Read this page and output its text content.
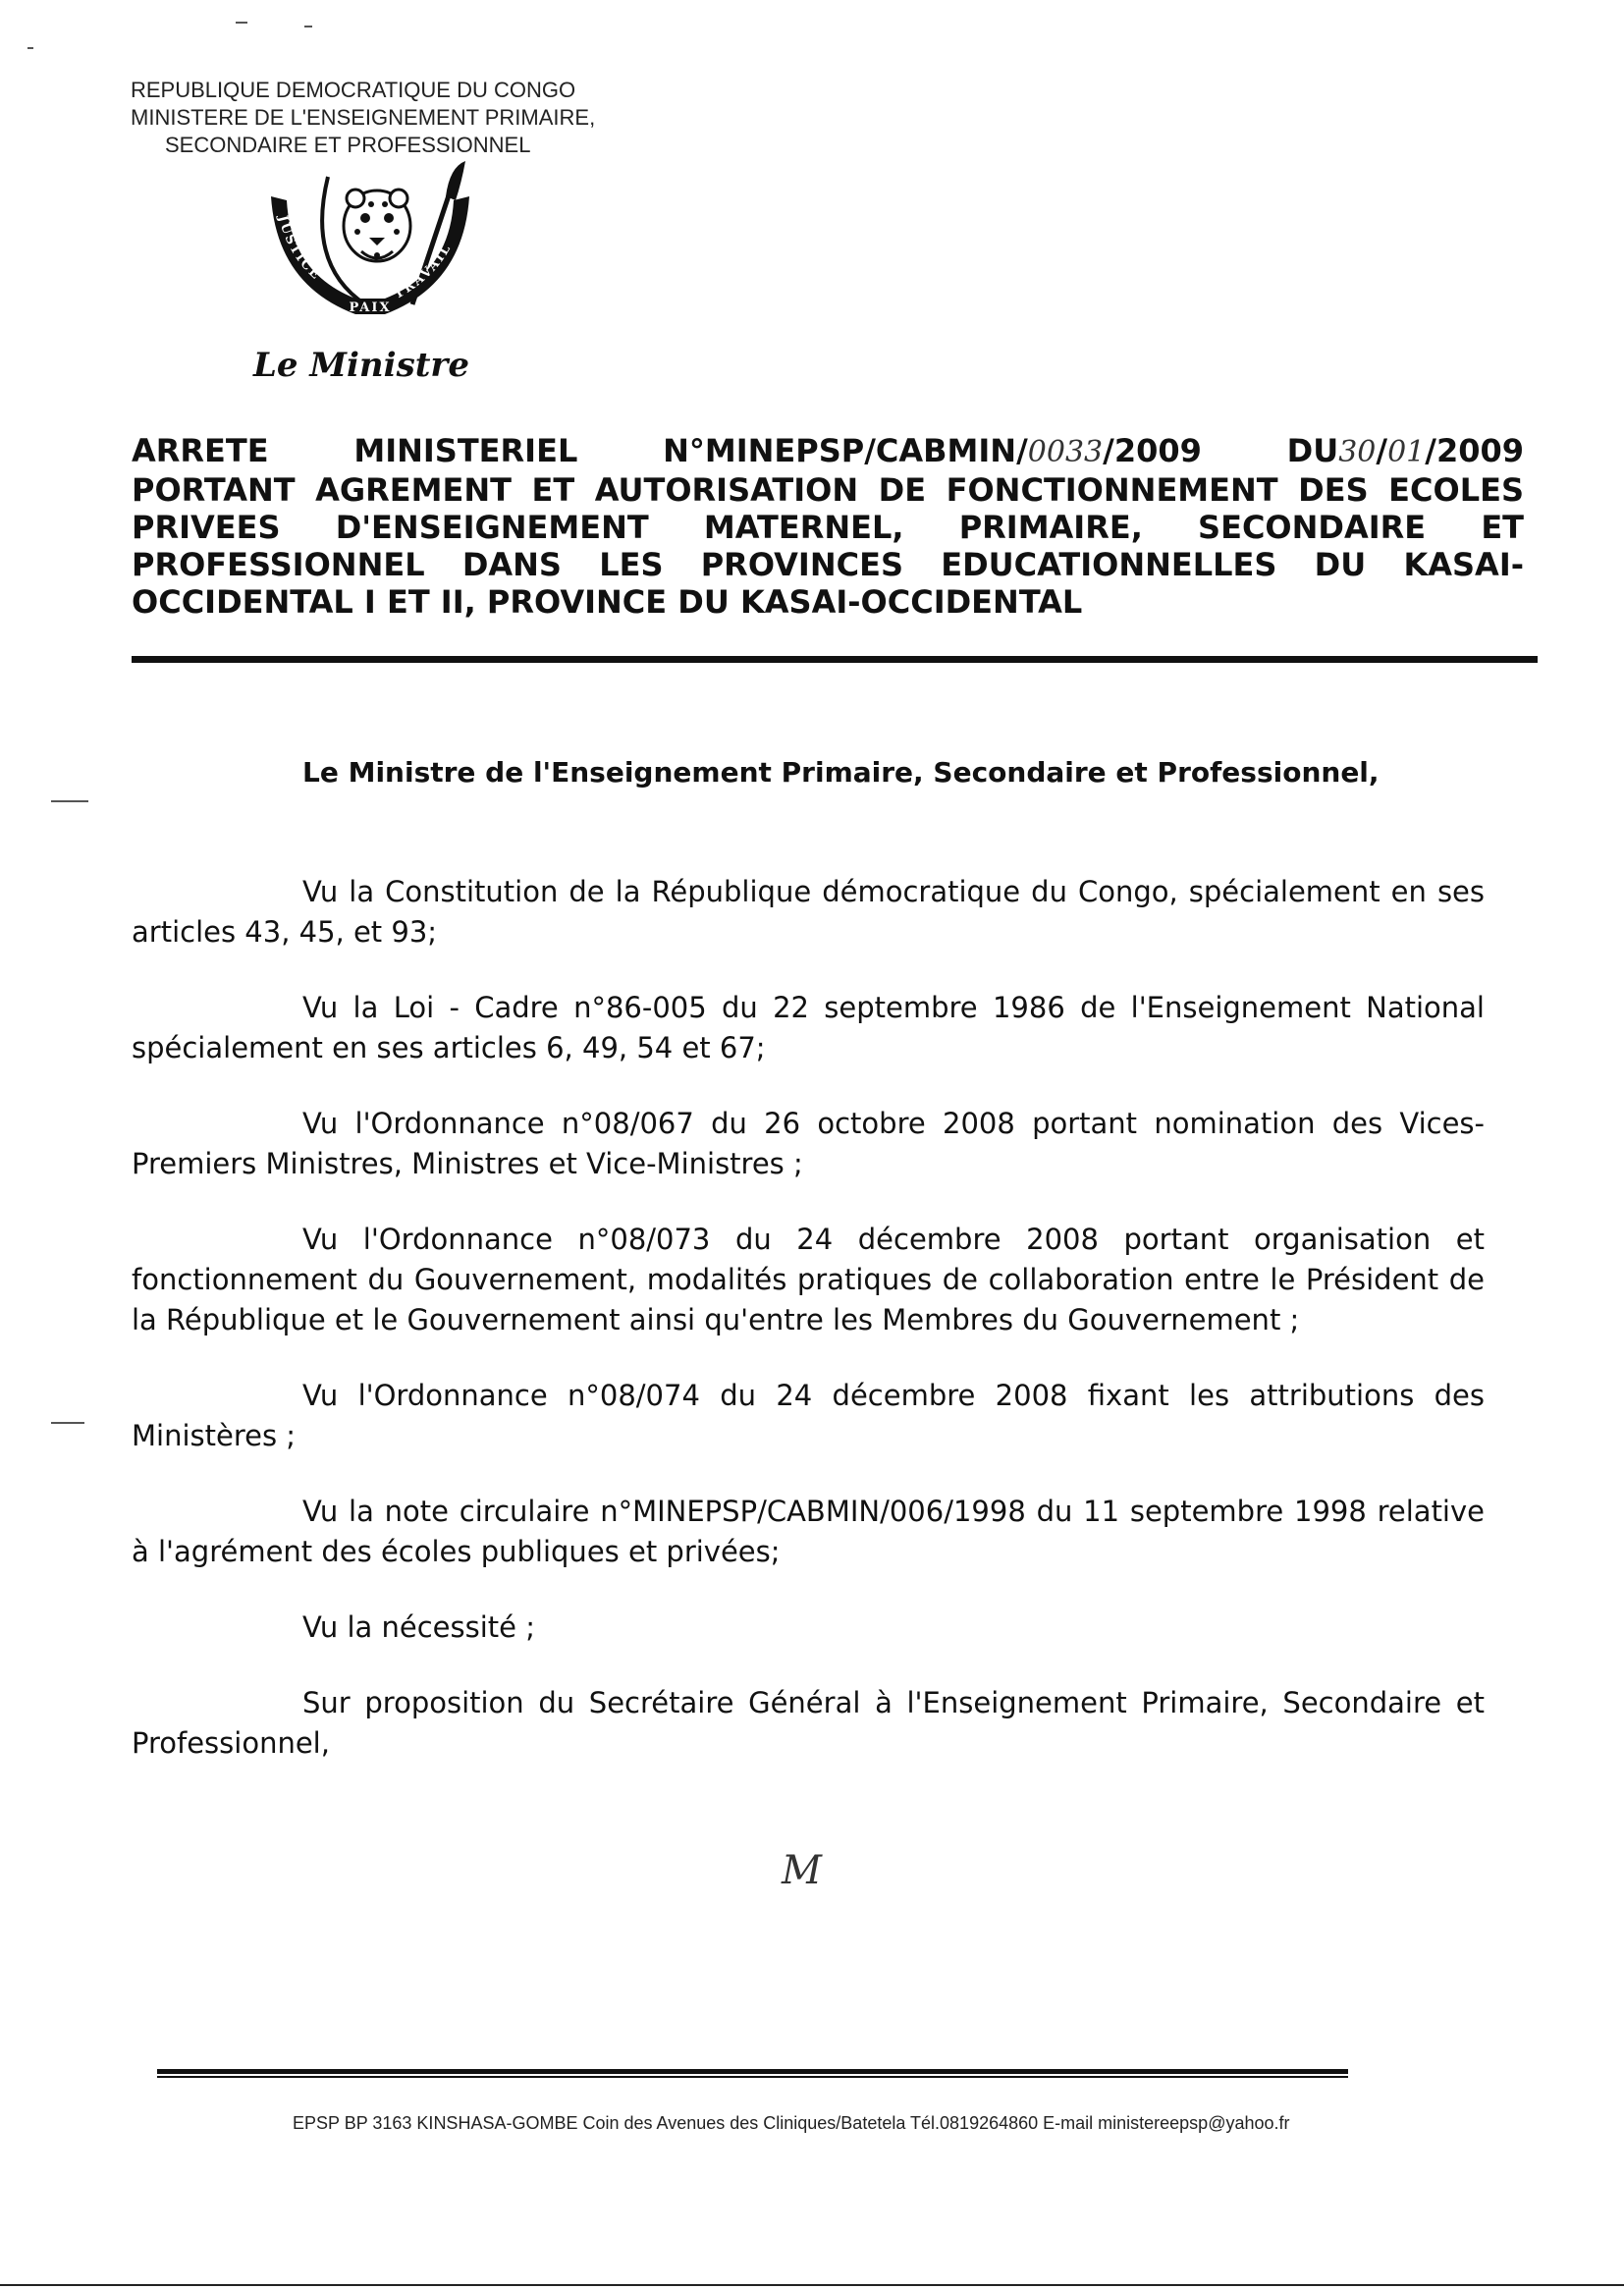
REPUBLIQUE DEMOCRATIQUE DU CONGO
MINISTERE DE L'ENSEIGNEMENT PRIMAIRE,
SECONDAIRE ET PROFESSIONNEL
JUSTICE
TRAVAIL
PAIX
Le Ministre
ARRETE	MINISTERIEL	N°MINEPSP/CABMIN/0033/2009	DU30/01/2009
PORTANT AGREMENT ET AUTORISATION DE FONCTIONNEMENT DES ECOLES PRIVEES D'ENSEIGNEMENT MATERNEL, PRIMAIRE, SECONDAIRE ET PROFESSIONNEL DANS LES PROVINCES EDUCATIONNELLES DU KASAI-OCCIDENTAL I ET II, PROVINCE DU KASAI-OCCIDENTAL
Le Ministre de l'Enseignement Primaire, Secondaire et Professionnel,

Vu la Constitution de la République démocratique du Congo, spécialement en ses articles 43, 45, et 93;

Vu la Loi - Cadre n°86-005 du 22 septembre 1986 de l'Enseignement National spécialement en ses articles 6, 49, 54 et 67;

Vu l'Ordonnance n°08/067 du 26 octobre 2008 portant nomination des Vices-Premiers Ministres, Ministres et Vice-Ministres ;

Vu l'Ordonnance n°08/073 du 24 décembre 2008 portant organisation et fonctionnement du Gouvernement, modalités pratiques de collaboration entre le Président de la République et le Gouvernement ainsi qu'entre les Membres du Gouvernement ;

Vu l'Ordonnance n°08/074 du 24 décembre 2008 fixant les attributions des Ministères ;

Vu la note circulaire n°MINEPSP/CABMIN/006/1998 du 11 septembre 1998 relative à l'agrément des écoles publiques et privées;

Vu la nécessité ;

Sur proposition du Secrétaire Général à l'Enseignement Primaire, Secondaire et Professionnel,

M
EPSP BP 3163 KINSHASA-GOMBE Coin des Avenues des Cliniques/Batetela Tél.0819264860 E-mail ministereepsp@yahoo.fr
